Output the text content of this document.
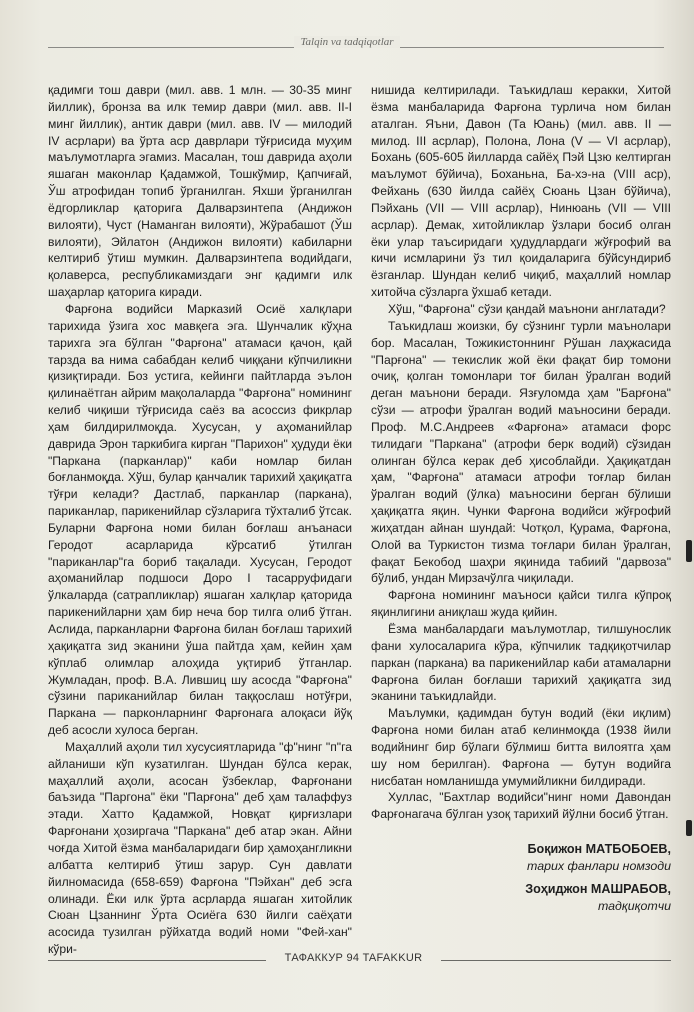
Talqin va tadqiqotlar

қадимги тош даври (мил. авв. 1 млн. — 30-35 минг йиллик), бронза ва илк темир даври (мил. авв. II-I минг йиллик), антик даври (мил. авв. IV — милодий IV асрлари) ва ўрта аср даврлари тўғрисида муҳим маълумотларга эгамиз. Масалан, тош даврида аҳоли яшаган маконлар Қадамжой, Тошкўмир, Қапчиғай, Ўш атрофидан топиб ўрганилган. Яхши ўрганилган ёдгорликлар қаторига Далварзинтепа (Андижон вилояти), Чуст (Наманган вилояти), Жўрабашот (Ўш вилояти), Эйлатон (Андижон вилояти) кабиларни келтириб ўтиш мумкин. Далварзинтепа водийдаги, қолаверса, республикамиздаги энг қадимги илк шаҳарлар қаторига киради.

Фарғона водийси Марказий Осиё халқлари тарихида ўзига хос мавқега эга. Шунчалик кўҳна тарихга эга бўлган "Фарғона" атамаси қачон, қай тарзда ва нима сабабдан келиб чиққани кўпчиликни қизиқтиради. Боз устига, кейинги пайтларда эълон қилинаётган айрим мақолаларда "Фарғона" номининг келиб чиқиши тўғрисида саёз ва асоссиз фикрлар ҳам билдирилмоқда. Хусусан, у аҳоманийлар даврида Эрон таркибига кирган "Парихон" ҳудуди ёки "Паркана (парканлар)" каби номлар билан боғланмоқда. Хўш, булар қанчалик тарихий ҳақиқатга тўғри келади? Дастлаб, парканлар (паркана), париканлар, парикенийлар сўзларига тўхталиб ўтсак. Буларни Фарғона номи билан боғлаш анъанаси Геродот асарларида кўрсатиб ўтилган "париканлар"га бориб тақалади. Хусусан, Геродот аҳоманийлар подшоси Доро I тасарруфидаги ўлкаларда (сатрапликлар) яшаган халқлар қаторида парикенийларни ҳам бир неча бор тилга олиб ўтган. Аслида, парканларни Фарғона билан боғлаш тарихий ҳақиқатга зид эканини ўша пайтда ҳам, кейин ҳам кўплаб олимлар алоҳида уқтириб ўтганлар. Жумладан, проф. В.А. Лившиц шу асосда "Фарғона" сўзини париканийлар билан таққослаш нотўғри, Паркана — парконларнинг Фарғонага алоқаси йўқ деб асосли хулоса берган.

Маҳаллий аҳоли тил хусусиятларида "ф"нинг "п"га айланиши кўп кузатилган. Шундан бўлса керак, маҳаллий аҳоли, асосан ўзбеклар, Фарғонани баъзида "Паргона" ёки "Парғона" деб ҳам талаффуз этади. Хатто Қадамжой, Новқат қирғизлари Фарғонани ҳозиргача "Паркана" деб атар экан. Айни чоғда Хитой ёзма манбаларидаги бир ҳамоҳангликни албатта келтириб ўтиш зарур. Сун давлати йилномасида (658-659) Фарғона "Пэйхан" деб эсга олинади. Ёки илк ўрта асрларда яшаган хитойлик Сюан Цзаннинг Ўрта Осиёга 630 йилги саёҳати асосида тузилган рўйхатда водий номи "Фей-хан" кўри-

нишида келтирилади. Таъкидлаш керакки, Хитой ёзма манбаларида Фарғона турлича ном билан аталган. Яъни, Давон (Та Юань) (мил. авв. II — милод. III асрлар), Полона, Лона (V — VI асрлар), Бохань (605-605 йилларда сайёҳ Пэй Цзю келтирган маълумот бўйича), Боханьна, Ба-хэ-на (VIII аср), Фейхань (630 йилда сайёҳ Сюань Цзан бўйича), Пэйхань (VII — VIII асрлар), Нинюань (VII — VIII асрлар). Демак, хитойликлар ўзлари босиб олган ёки улар таъсиридаги ҳудудлардаги жўғрофий ва кичи исмларини ўз тил қоидаларига бўйсундириб ёзганлар. Шундан келиб чиқиб, маҳаллий номлар хитойча сўзларга ўхшаб кетади.

Хўш, "Фарғона" сўзи қандай маънони англатади?

Таъкидлаш жоизки, бу сўзнинг турли маънолари бор. Масалан, Тожикистоннинг Рўшан лаҳжасида "Парғона" — текислик жой ёки фақат бир томони очиқ, қолган томонлари тоғ билан ўралган водий деган маънони беради. Язғуломда ҳам "Барғона" сўзи — атрофи ўралган водий маъносини беради. Проф. М.С.Андреев «Фарғона» атамаси форс тилидаги "Паркана" (атрофи берк водий) сўзидан олинган бўлса керак деб ҳисоблайди. Ҳақиқатдан ҳам, "Фарғона" атамаси атрофи тоғлар билан ўралган водий (ўлка) маъносини берган бўлиши ҳақиқатга яқин. Чунки Фарғона водийси жўғрофий жиҳатдан айнан шундай: Чотқол, Қурама, Фарғона, Олой ва Туркистон тизма тоғлари билан ўралган, фақат Бекобод шаҳри яқинида табиий "дарвоза" бўлиб, ундан Мирзачўлга чиқилади.

Фарғона номининг маъноси қайси тилга кўпроқ яқинлигини аниқлаш жуда қийин.

Ёзма манбалардаги маълумотлар, тилшунослик фани хулосаларига кўра, кўпчилик тадқиқотчилар паркан (паркана) ва парикенийлар каби атамаларни Фарғона билан боғлаши тарихий ҳақиқатга зид эканини таъкидлайди.

Маълумки, қадимдан бутун водий (ёки иқлим) Фарғона номи билан атаб келинмоқда (1938 йили водийнинг бир бўлаги бўлмиш битта вилоятга ҳам шу ном берилган). Фарғона — бутун водийга нисбатан номланишда умумийликни билдиради.

Хуллас, "Бахтлар водийси"нинг номи Давондан Фарғонагача бўлган узоқ тарихий йўлни босиб ўтган.

Боқижон МАТБОБОЕВ,
тарих фанлари номзоди
Зоҳиджон МАШРАБОВ,
тадқиқотчи
ТАФАККУР 94 TAFAKKUR
